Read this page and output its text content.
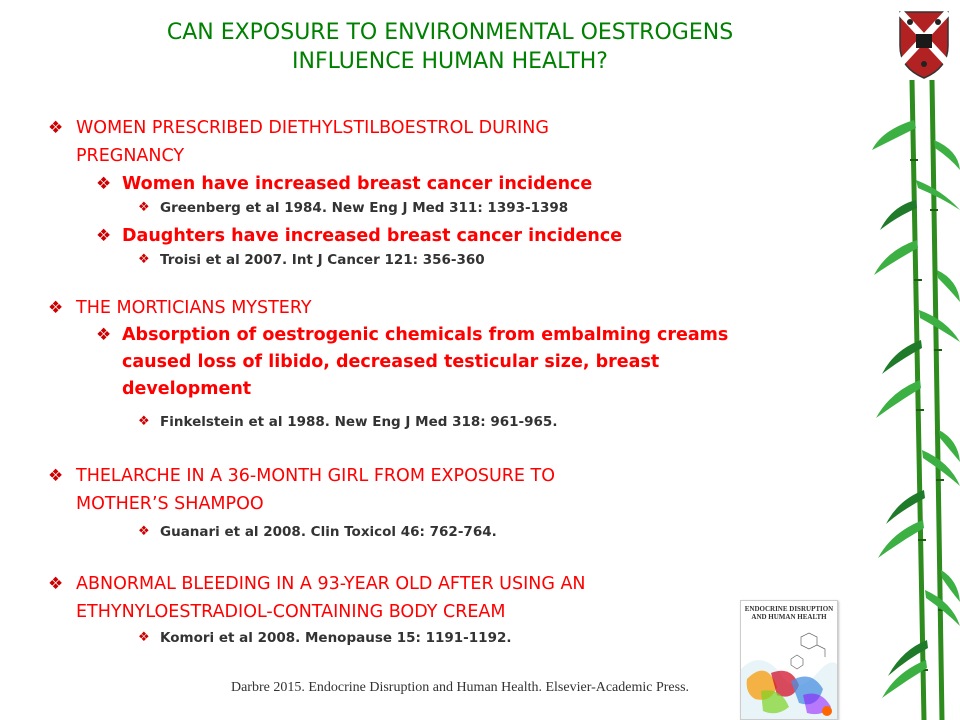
CAN EXPOSURE TO ENVIRONMENTAL OESTROGENS
INFLUENCE HUMAN HEALTH?
❖ WOMEN PRESCRIBED DIETHYLSTILBOESTROL DURING
PREGNANCY
❖ Women have increased breast cancer incidence
❖ Greenberg et al 1984. New Eng J Med 311: 1393-1398
❖ Daughters have increased breast cancer incidence
❖ Troisi et al 2007. Int J Cancer 121: 356-360
❖ THE MORTICIANS MYSTERY
❖ Absorption of oestrogenic chemicals from embalming creams
caused loss of libido, decreased testicular size, breast
development
❖ Finkelstein et al 1988. New Eng J Med 318: 961-965.
❖ THELARCHE IN A 36-MONTH GIRL FROM EXPOSURE TO
MOTHER’S SHAMPOO
❖ Guanari et al 2008. Clin Toxicol 46: 762-764.
❖ ABNORMAL BLEEDING IN A 93-YEAR OLD AFTER USING AN
ETHYNYLOESTRADIOL-CONTAINING BODY CREAM
❖ Komori et al 2008. Menopause 15: 1191-1192.
ENDOCRINE DISRUPTION AND HUMAN HEALTH
Darbre 2015. Endocrine Disruption and Human Health. Elsevier-Academic Press.
